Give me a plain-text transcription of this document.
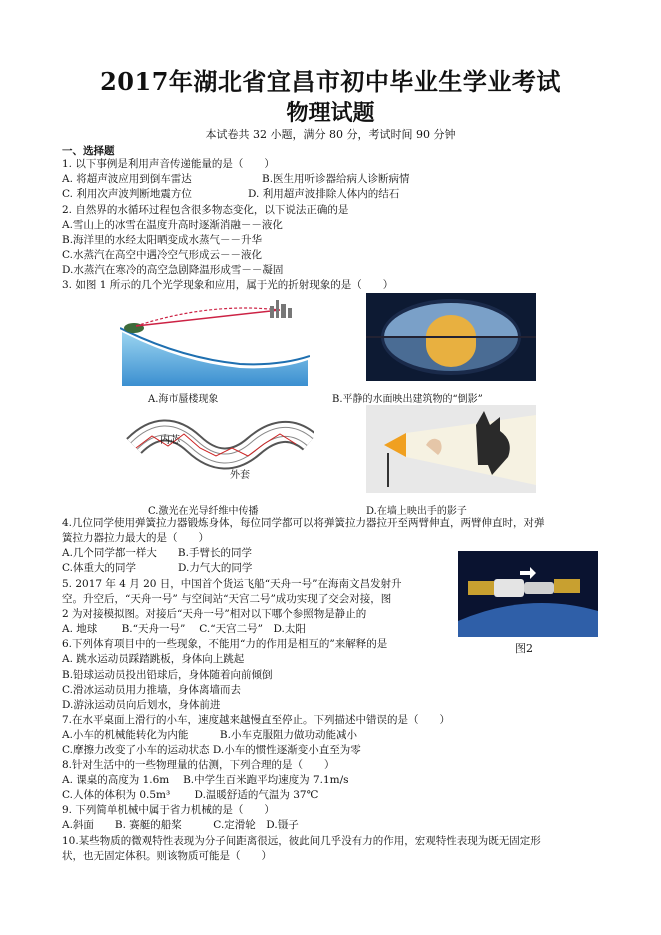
2017年湖北省宜昌市初中毕业生学业考试
物理试题
本试卷共 32 小题，满分 80 分，考试时间 90 分钟
一、选择题
1. 以下事例是利用声音传递能量的是（　　）
A. 将超声波应用到倒车雷达	B.医生用听诊器给病人诊断病情
C. 利用次声波判断地震方位	D. 利用超声波排除人体内的结石
2. 自然界的水循环过程包含很多物态变化，以下说法正确的是
A.雪山上的冰雪在温度升高时逐渐消融－－液化
B.海洋里的水经太阳晒变成水蒸气－－升华
C.水蒸汽在高空中遇冷空气形成云－－液化
D.水蒸汽在寒冷的高空急剧降温形成雪－－凝固
3. 如图 1 所示的几个光学现象和应用，属于光的折射现象的是（　　）
A.海市蜃楼现象	B.平静的水面映出建筑物的“倒影”
内芯
外套
C.激光在光导纤维中传播	D.在墙上映出手的影子
4.几位同学使用弹簧拉力器锻炼身体，每位同学都可以将弹簧拉力器拉开至两臂伸直，两臂伸直时，对弹
簧拉力器拉力最大的是（　　）
A.几个同学都一样大　　B.手臂长的同学
C.体重大的同学　　　　D.力气大的同学
5. 2017 年 4 月 20 日，中国首个货运飞船“天舟一号”在海南文昌发射升
空。升空后，“天舟一号” 与空间站“天宫二号”成功实现了交会对接，图
2 为对接模拟图。对接后“天舟一号”相对以下哪个参照物是静止的
A. 地球　　 B.“天舟一号”　 C.“天宫二号”　D.太阳
图2
6.下列体育项目中的一些现象，不能用“力的作用是相互的”来解释的是
A. 跳水运动员踩踏跳板，身体向上跳起
B.铅球运动员投出铅球后，身体随着向前倾倒
C.滑冰运动员用力推墙，身体离墙而去
D.游泳运动员向后划水，身体前进
7.在水平桌面上滑行的小车，速度越来越慢直至停止。下列描述中错误的是（　　）
A.小车的机械能转化为内能　　　B.小车克服阻力做功动能减小
C.摩擦力改变了小车的运动状态 D.小车的惯性逐渐变小直至为零
8.针对生活中的一些物理量的估测，下列合理的是（　　）
A. 课桌的高度为 1.6m　 B.中学生百米跑平均速度为 7.1m/s
C.人体的体积为 0.5m³　　 D.温暖舒适的气温为 37℃
9. 下列简单机械中属于省力机械的是（　　）
A.斜面　　B. 赛艇的船桨　　　C.定滑轮　D.镊子
10.某些物质的微观特性表现为分子间距离很远，彼此间几乎没有力的作用，宏观特性表现为既无固定形
状，也无固定体积。则该物质可能是（　　）
